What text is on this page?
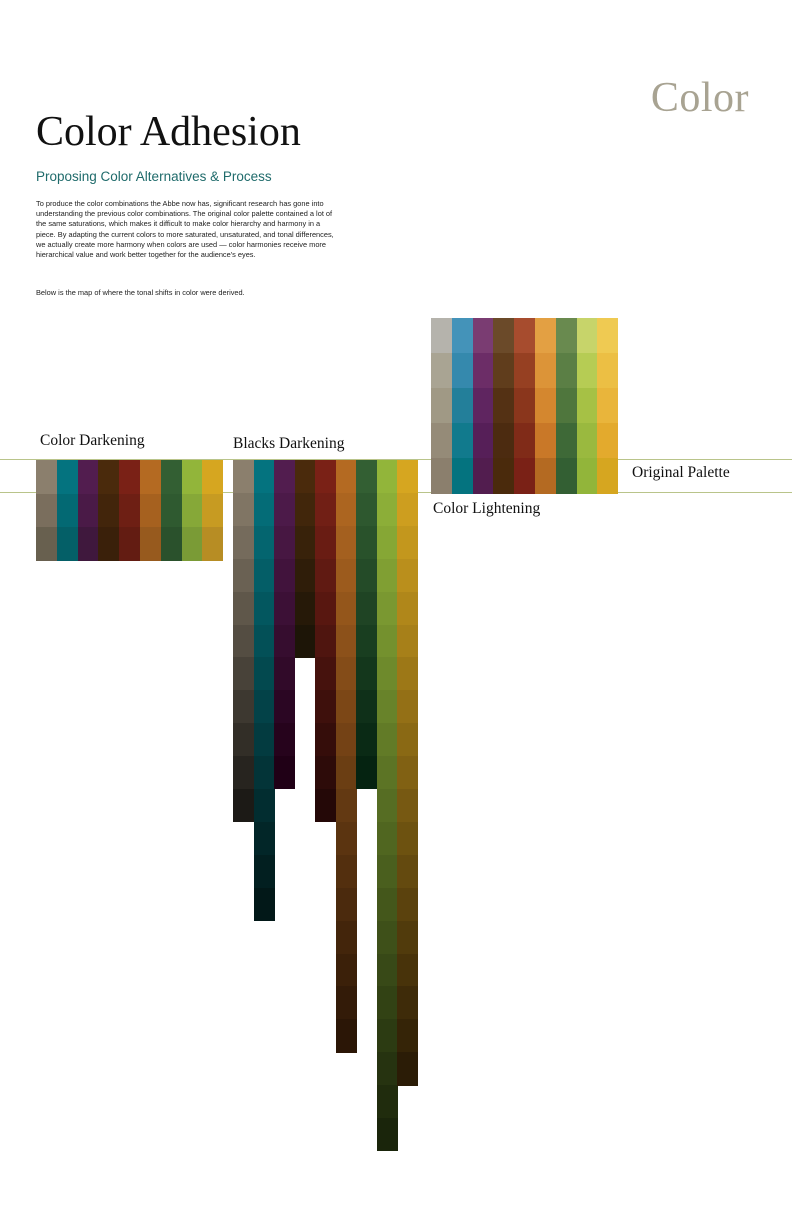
Color
Color Adhesion
Proposing Color Alternatives & Process

To produce the color combinations the Abbe now has, significant research has gone into understanding the previous color combinations. The original color palette contained a lot of the same saturations, which makes it difficult to make color hierarchy and harmony in a piece. By adapting the current colors to more saturated, unsaturated, and tonal differences, we actually create more harmony when colors are used — color harmonies receive more hierarchical value and work better together for the audience's eyes.

Below is the map of where the tonal shifts in color were derived.

Color Darkening	Blacks Darkening
Color Lightening
Original Palette
